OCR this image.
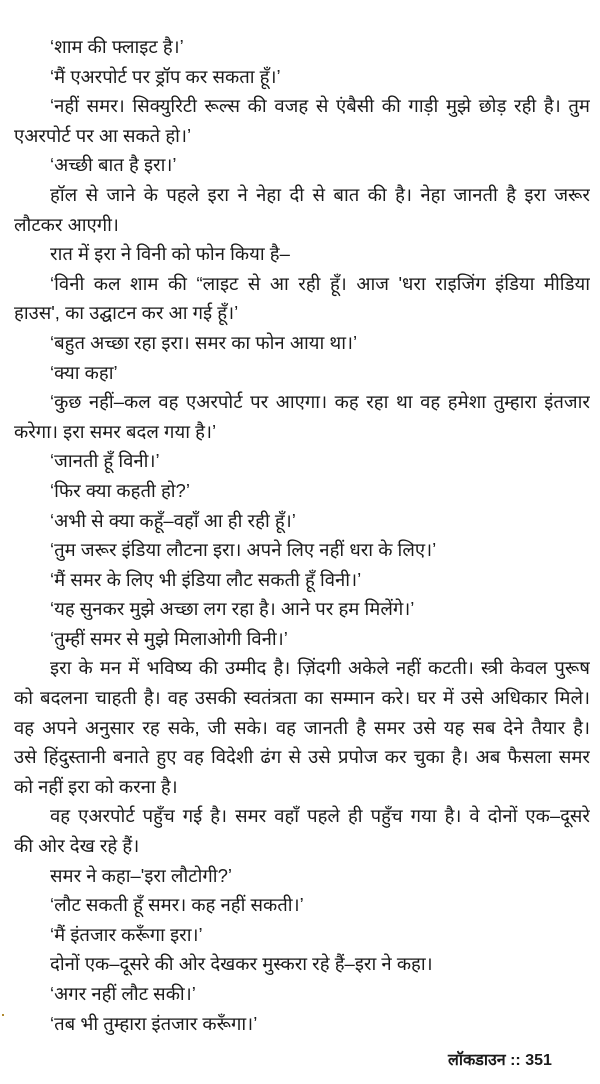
‘शाम की फ्लाइट है।’
‘मैं एअरपोर्ट पर ड्रॉप कर सकता हूँ।’
‘नहीं समर। सिक्युरिटी रूल्स की वजह से एंबैसी की गाड़ी मुझे छोड़ रही है। तुम
एअरपोर्ट पर आ सकते हो।’
‘अच्छी बात है इरा।’
हॉल से जाने के पहले इरा ने नेहा दी से बात की है। नेहा जानती है इरा जरूर
लौटकर आएगी।
रात में इरा ने विनी को फोन किया है–
‘विनी कल शाम की “लाइट से आ रही हूँ। आज 'धरा राइजिंग इंडिया मीडिया
हाउस', का उद्घाटन कर आ गई हूँ।’
‘बहुत अच्छा रहा इरा। समर का फोन आया था।’
‘क्या कहा’
‘कुछ नहीं–कल वह एअरपोर्ट पर आएगा। कह रहा था वह हमेशा तुम्हारा इंतजार
करेगा। इरा समर बदल गया है।’
‘जानती हूँ विनी।’
‘फिर क्या कहती हो?’
‘अभी से क्या कहूँ–वहाँ आ ही रही हूँ।’
‘तुम जरूर इंडिया लौटना इरा। अपने लिए नहीं धरा के लिए।’
‘मैं समर के लिए भी इंडिया लौट सकती हूँ विनी।’
‘यह सुनकर मुझे अच्छा लग रहा है। आने पर हम मिलेंगे।’
‘तुम्हीं समर से मुझे मिलाओगी विनी।’
इरा के मन में भविष्य की उम्मीद है। ज़िंदगी अकेले नहीं कटती। स्त्री केवल पुरूष
को बदलना चाहती है। वह उसकी स्वतंत्रता का सम्मान करे। घर में उसे अधिकार मिले।
वह अपने अनुसार रह सके, जी सके। वह जानती है समर उसे यह सब देने तैयार है।
उसे हिंदुस्तानी बनाते हुए वह विदेशी ढंग से उसे प्रपोज कर चुका है। अब फैसला समर
को नहीं इरा को करना है।
वह एअरपोर्ट पहुँच गई है। समर वहाँ पहले ही पहुँच गया है। वे दोनों एक–दूसरे
की ओर देख रहे हैं।
समर ने कहा–'इरा लौटोगी?’
‘लौट सकती हूँ समर। कह नहीं सकती।’
‘मैं इंतजार करूँगा इरा।’
दोनों एक–दूसरे की ओर देखकर मुस्करा रहे हैं–इरा ने कहा।
‘अगर नहीं लौट सकी।’
‘तब भी तुम्हारा इंतजार करूँगा।’
लॉकडाउन :: 351
